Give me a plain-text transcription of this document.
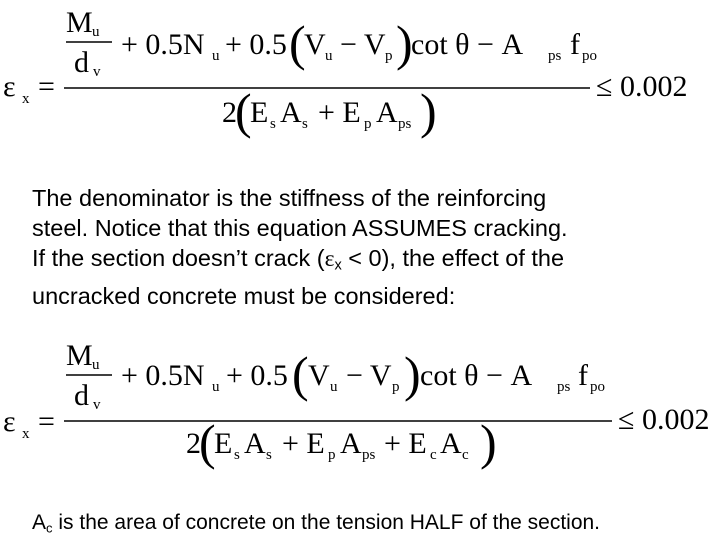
ε x =
M u
d v
+ 0.5N u + 0.5 (
V u − V p )
cot θ − A ps f po
2
(
E s A s + E p A ps )	≤ 0.002
The denominator is the stiffness of the reinforcing
steel. Notice that this equation ASSUMES cracking.
If the section doesn’t crack $(\varepsilon_x < 0)$, the effect of the
uncracked concrete must be considered:
ε x =
M u
d v
+ 0.5N u + 0.5 ( V u − V p ) cot θ − A ps f po
2
(
E s A s + E p A ps + E c A c )	≤ 0.002
$A_c$ is the area of concrete on the tension HALF of the section.
